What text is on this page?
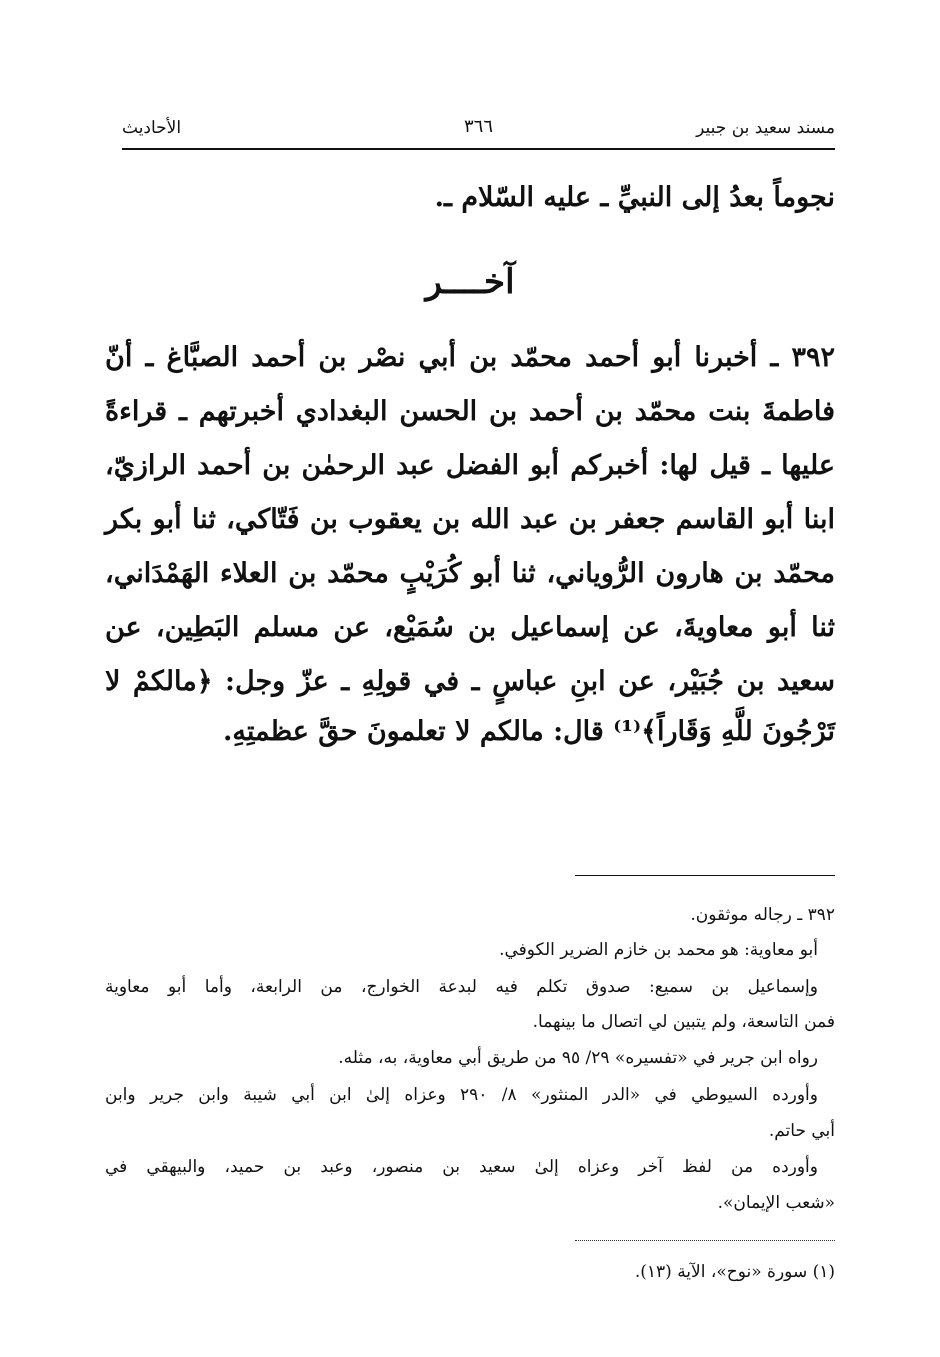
مسند سعيد بن جبير
٣٦٦
الأحاديث
نجوماً بعدُ إلى النبيِّ ـ عليه السّلام ـ.
آخــــر
٣٩٢ ـ أخبرنا أبو أحمد محمّد بن أبي نصْر بن أحمد الصبَّاغ ـ أنّ
فاطمةَ بنت محمّد بن أحمد بن الحسن البغدادي أخبرتهم ـ قراءةً
عليها ـ قيل لها: أخبركم أبو الفضل عبد الرحمٰن بن أحمد الرازيّ،
ابنا أبو القاسم جعفر بن عبد الله بن يعقوب بن فَتّاكي، ثنا أبو بكر
محمّد بن هارون الرُّوياني، ثنا أبو كُرَيْبٍ محمّد بن العلاء الهَمْدَاني،
ثنا أبو معاويةَ، عن إسماعيل بن سُمَيْع، عن مسلم البَطِين، عن
سعيد بن جُبَيْر، عن ابنِ عباسٍ ـ في قولِهِ ـ عزّ وجل: ﴿مالكمْ لا
تَرْجُونَ للَّهِ وَقَاراً﴾⁽¹⁾ قال: مالكم لا تعلمونَ حقَّ عظمتِهِ.
٣٩٢ ـ رجاله موثقون.
أبو معاوية: هو محمد بن خازم الضرير الكوفي.
وإسماعيل بن سميع: صدوق تكلم فيه لبدعة الخوارج، من الرابعة، وأما أبو معاوية
فمن التاسعة، ولم يتبين لي اتصال ما بينهما.
رواه ابن جرير في «تفسيره» ٢٩/ ٩٥ من طريق أبي معاوية، به، مثله.
وأورده السيوطي في «الدر المنثور» ٨/ ٢٩٠ وعزاه إلىٰ ابن أبي شيبة وابن جرير وابن
أبي حاتم.
وأورده من لفظ آخر وعزاه إلىٰ سعيد بن منصور، وعبد بن حميد، والبيهقي في
«شعب الإيمان».
(١) سورة «نوح»، الآية (١٣).
